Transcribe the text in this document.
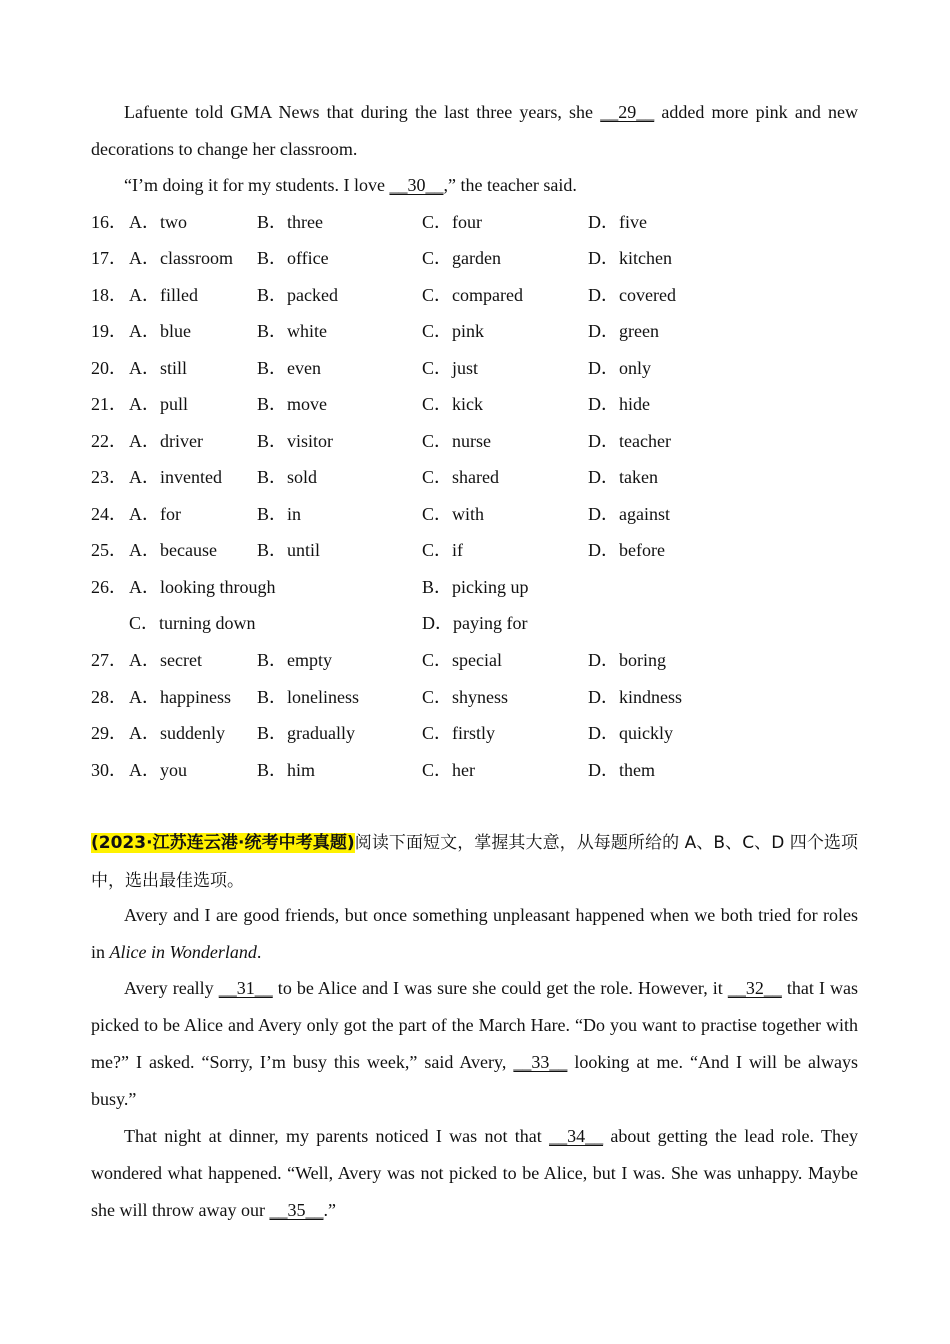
Lafuente told GMA News that during the last three years, she __29__ added more pink and new decorations to change her classroom.

“I’m doing it for my students. I love __30__,” the teacher said.

16． A．two	B．three	C．four	D．five
17． A．classroom B．office	C．garden	D．kitchen
18． A．filled	B．packed	C．compared	D．covered
19． A．blue	B．white	C．pink	D．green
20． A．still	B．even	C．just	D．only
21． A．pull	B．move	C．kick	D．hide
22． A．driver	B．visitor	C．nurse	D．teacher
23． A．invented B．sold	C．shared	D．taken
24． A．for	B．in	C．with	D．against
25． A．because B．until	C．if	D．before
26． A．looking through	B．picking up
C．turning down	D．paying for
27． A．secret	B．empty	C．special	D．boring
28． A．happiness B．loneliness	C．shyness	D．kindness
29． A．suddenly B．gradually	C．firstly	D．quickly
30． A．you	B．him	C．her	D．them

(2023·江苏连云港·统考中考真题)阅读下面短文，掌握其大意，从每题所给的 A、B、C、D 四个选项中，选出最佳选项。

Avery and I are good friends, but once something unpleasant happened when we both tried for roles in Alice in Wonderland.

Avery really __31__ to be Alice and I was sure she could get the role. However, it __32__ that I was picked to be Alice and Avery only got the part of the March Hare. “Do you want to practise together with me?” I asked. “Sorry, I’m busy this week,” said Avery, __33__ looking at me. “And I will be always busy.”

That night at dinner, my parents noticed I was not that __34__ about getting the lead role. They wondered what happened. “Well, Avery was not picked to be Alice, but I was. She was unhappy. Maybe she will throw away our __35__.”
